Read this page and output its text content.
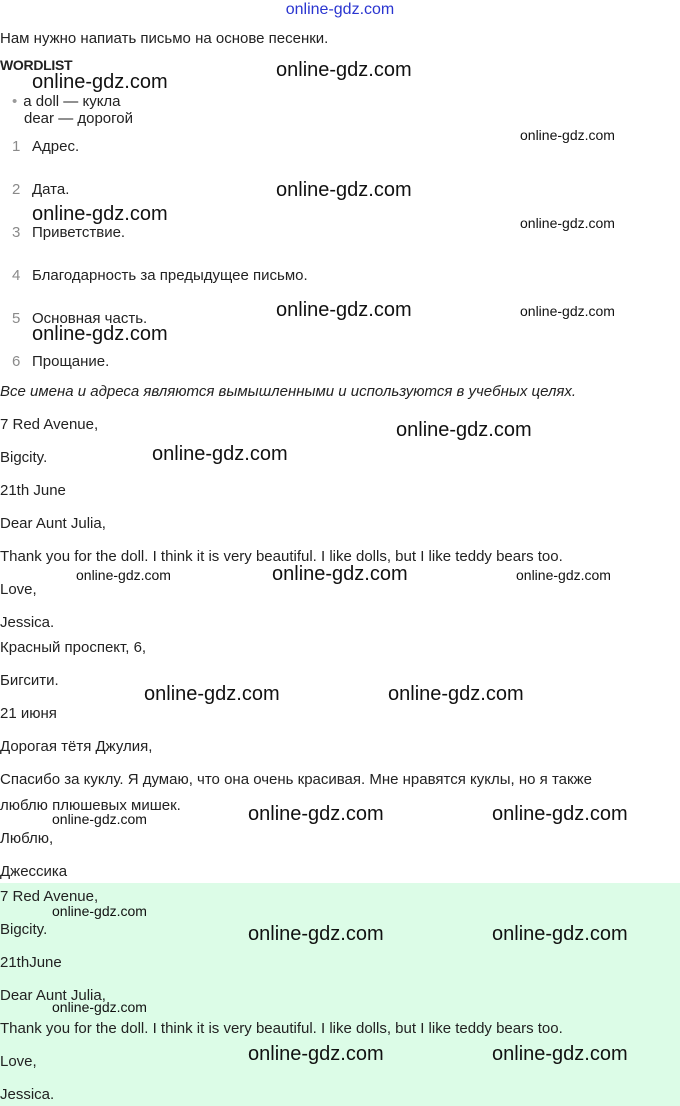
online-gdz.com
Нам нужно напиать письмо на основе песенки.
WORDLIST
• a doll — кукла
dear — дорогой
1 Адрес.
2 Дата.
3 Приветствие.
4 Благодарность за предыдущее письмо.
5 Основная часть.
6 Прощание.
Все имена и адреса являются вымышленными и используются в учебных целях.
7 Red Avenue,
Bigcity.
21th June
Dear Aunt Julia,
Thank you for the doll. I think it is very beautiful. I like dolls, but I like teddy bears too.
Love,
Jessica.
Красный проспект, 6,
Бигсити.
21 июня
Дорогая тётя Джулия,
Спасибо за куклу. Я думаю, что она очень красивая. Мне нравятся куклы, но я также
люблю плюшевых мишек.
Люблю,
Джессика
7 Red Avenue,
Bigcity.
21thJune
Dear Aunt Julia,
Thank you for the doll. I think it is very beautiful. I like dolls, but I like teddy bears too.
Love,
Jessica.
online-gdz.com
online-gdz.com
online-gdz.com
online-gdz.com
online-gdz.com	online-gdz.com
online-gdz.com	online-gdz.com
online-gdz.com
online-gdz.com
online-gdz.com
online-gdz.com	online-gdz.com	online-gdz.com
online-gdz.com	online-gdz.com
online-gdz.com	online-gdz.com	online-gdz.com
online-gdz.com
online-gdz.com	online-gdz.com
online-gdz.com
online-gdz.com	online-gdz.com
